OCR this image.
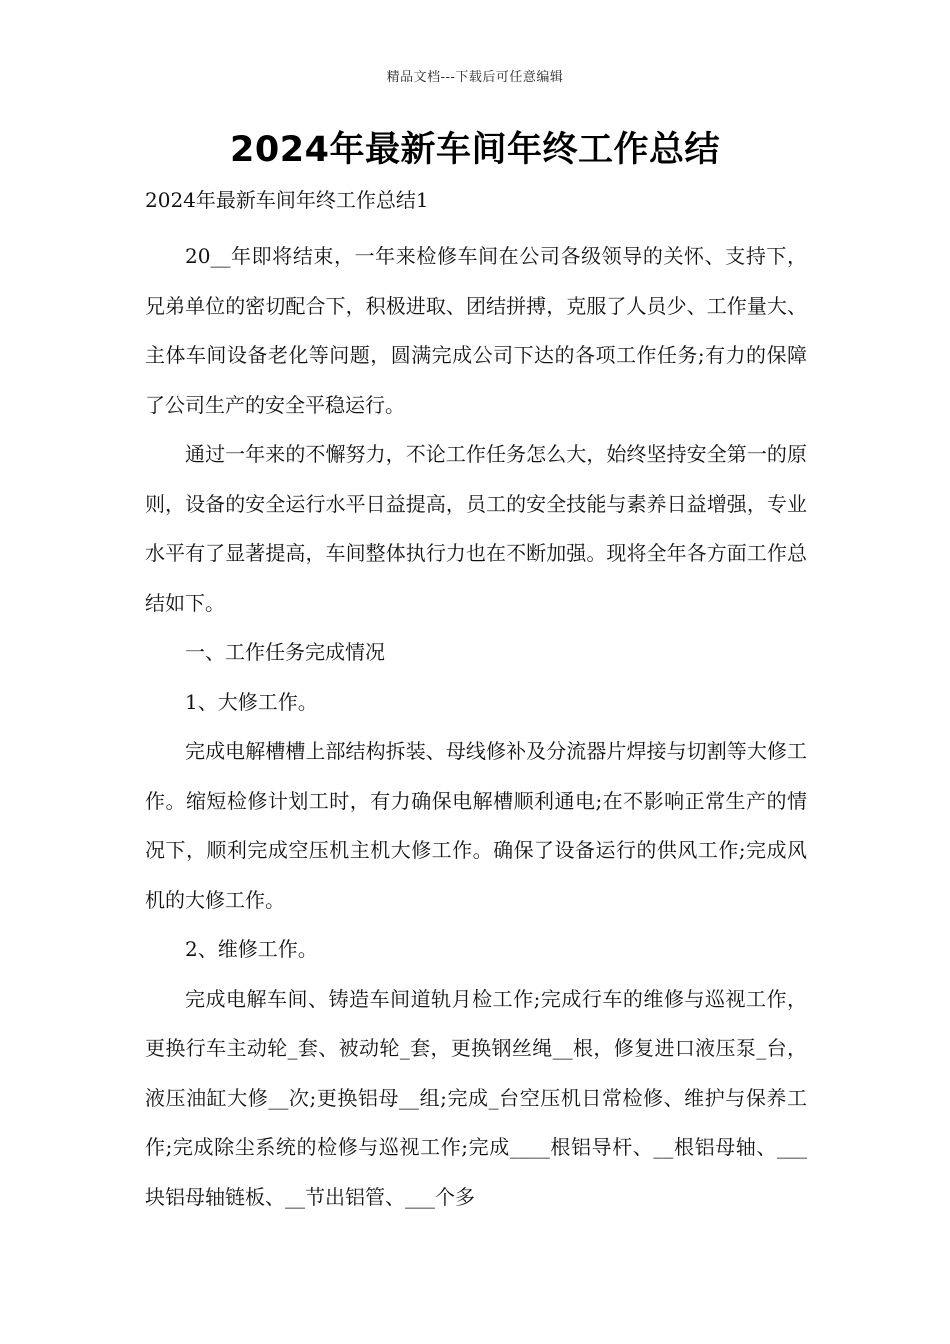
精品文档---下载后可任意编辑
2024年最新车间年终工作总结

2024年最新车间年终工作总结1

20__年即将结束，一年来检修车间在公司各级领导的关怀、支持下，兄弟单位的密切配合下，积极进取、团结拼搏，克服了人员少、工作量大、主体车间设备老化等问题，圆满完成公司下达的各项工作任务;有力的保障了公司生产的安全平稳运行。

通过一年来的不懈努力，不论工作任务怎么大，始终坚持安全第一的原则，设备的安全运行水平日益提高，员工的安全技能与素养日益增强，专业水平有了显著提高，车间整体执行力也在不断加强。现将全年各方面工作总结如下。

一、工作任务完成情况

1、大修工作。

完成电解槽槽上部结构拆装、母线修补及分流器片焊接与切割等大修工作。缩短检修计划工时，有力确保电解槽顺利通电;在不影响正常生产的情况下，顺利完成空压机主机大修工作。确保了设备运行的供风工作;完成风机的大修工作。

2、维修工作。

完成电解车间、铸造车间道轨月检工作;完成行车的维修与巡视工作，更换行车主动轮_套、被动轮_套，更换钢丝绳__根，修复进口液压泵_台，液压油缸大修__次;更换铝母__组;完成_台空压机日常检修、维护与保养工作;完成除尘系统的检修与巡视工作;完成____根铝导杆、__根铝母轴、___块铝母轴链板、__节出铝管、___个多
